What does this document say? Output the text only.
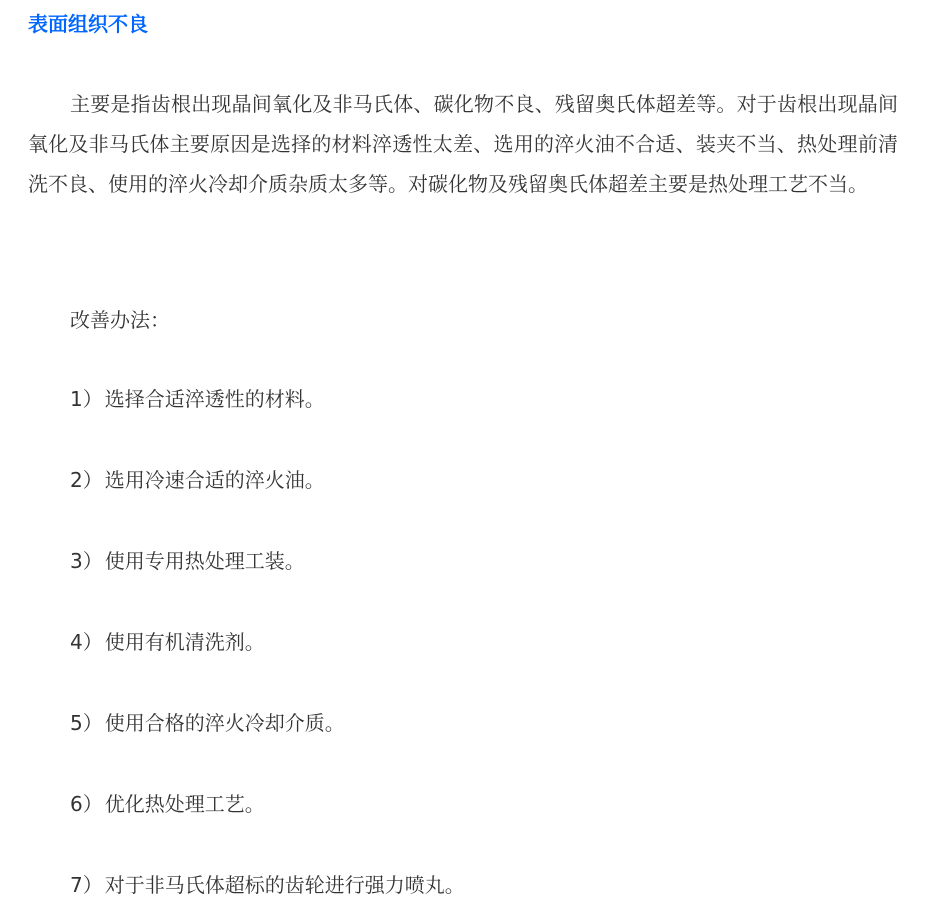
表面组织不良

主要是指齿根出现晶间氧化及非马氏体、碳化物不良、残留奥氏体超差等。对于齿根出现晶间氧化及非马氏体主要原因是选择的材料淬透性太差、选用的淬火油不合适、装夹不当、热处理前清洗不良、使用的淬火冷却介质杂质太多等。对碳化物及残留奥氏体超差主要是热处理工艺不当。

改善办法：

1） 选择合适淬透性的材料。
2） 选用冷速合适的淬火油。
3） 使用专用热处理工装。
4） 使用有机清洗剂。
5） 使用合格的淬火冷却介质。
6） 优化热处理工艺。
7） 对于非马氏体超标的齿轮进行强力喷丸。
